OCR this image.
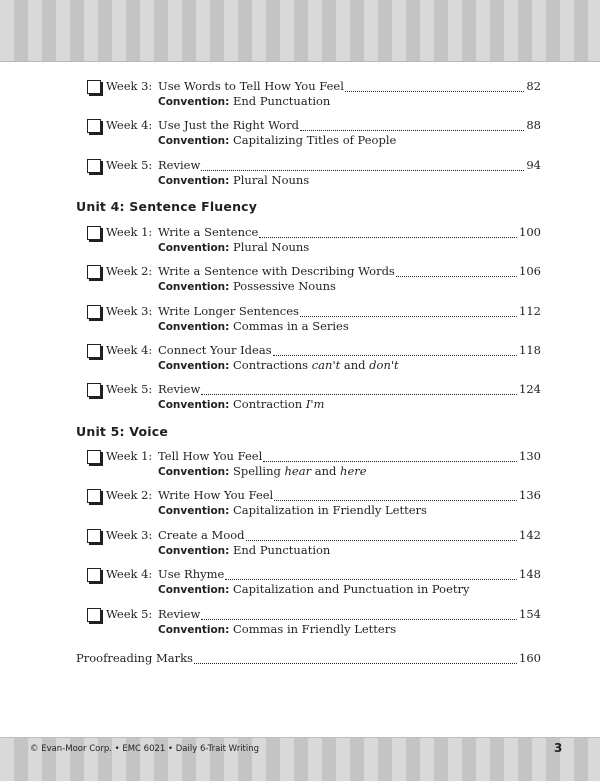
Week 3: Use Words to Tell How You Feel	82
Convention: End Punctuation
Week 4: Use Just the Right Word	88
Convention: Capitalizing Titles of People
Week 5: Review	94
Convention: Plural Nouns
Unit 4: Sentence Fluency
Week 1: Write a Sentence	100
Convention: Plural Nouns
Week 2: Write a Sentence with Describing Words	106
Convention: Possessive Nouns
Week 3: Write Longer Sentences	112
Convention: Commas in a Series
Week 4: Connect Your Ideas	118
Convention: Contractions can't and don't
Week 5: Review	124
Convention: Contraction I'm
Unit 5: Voice
Week 1: Tell How You Feel	130
Convention: Spelling hear and here
Week 2: Write How You Feel	136
Convention: Capitalization in Friendly Letters
Week 3: Create a Mood	142
Convention: End Punctuation
Week 4: Use Rhyme	148
Convention: Capitalization and Punctuation in Poetry
Week 5: Review	154
Convention: Commas in Friendly Letters
Proofreading Marks	160
© Evan-Moor Corp. • EMC 6021 • Daily 6-Trait Writing	3
